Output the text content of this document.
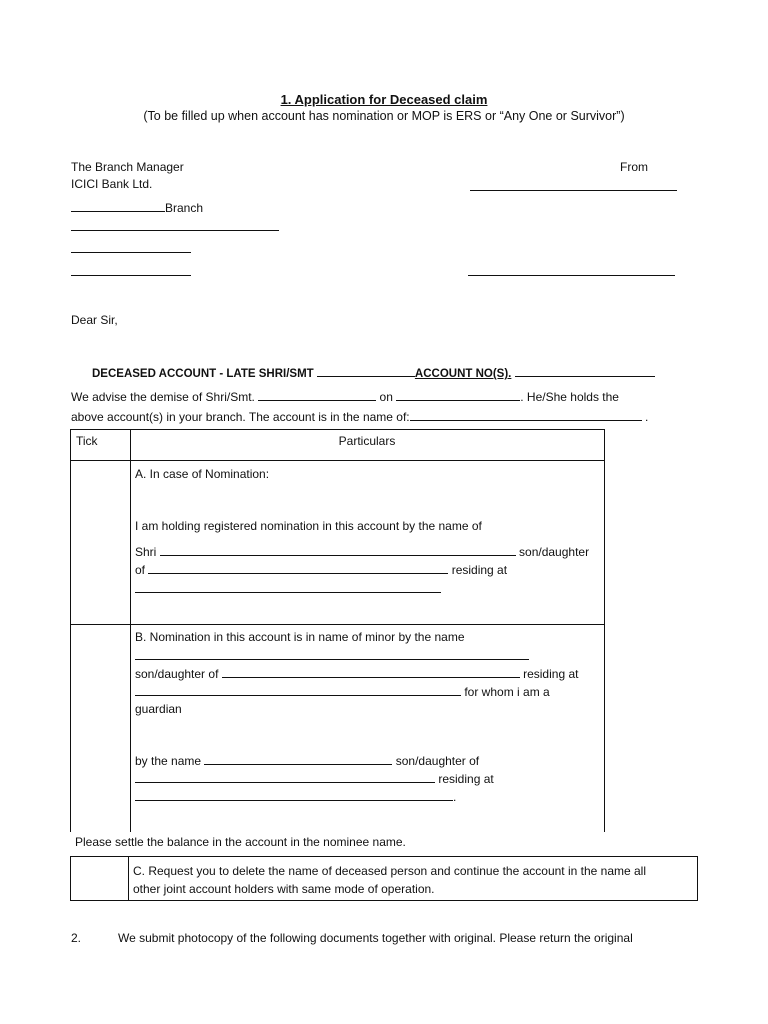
1. Application for Deceased claim
(To be filled up when account has nomination or MOP is ERS or “Any One or Survivor”)
The Branch Manager
ICICI Bank Ltd.
From
Branch
Dear Sir,
DECEASED ACCOUNT - LATE SHRI/SMT	ACCOUNT NO(S).
We advise the demise of Shri/Smt.	on	. He/She holds the
above account(s) in your branch. The account is in the name of:	.
Tick	Particulars
A. In case of Nomination:
I am holding registered nomination in this account by the name of
Shri	son/daughter
of	residing at
B. Nomination in this account is in name of minor by the name
son/daughter of	residing at
for whom i am a
guardian
by the name	son/daughter of
residing at
.
Please settle the balance in the account in the nominee name.
C. Request you to delete the name of deceased person and continue the account in the name all
other joint account holders with same mode of operation.
2.	We submit photocopy of the following documents together with original. Please return the original
